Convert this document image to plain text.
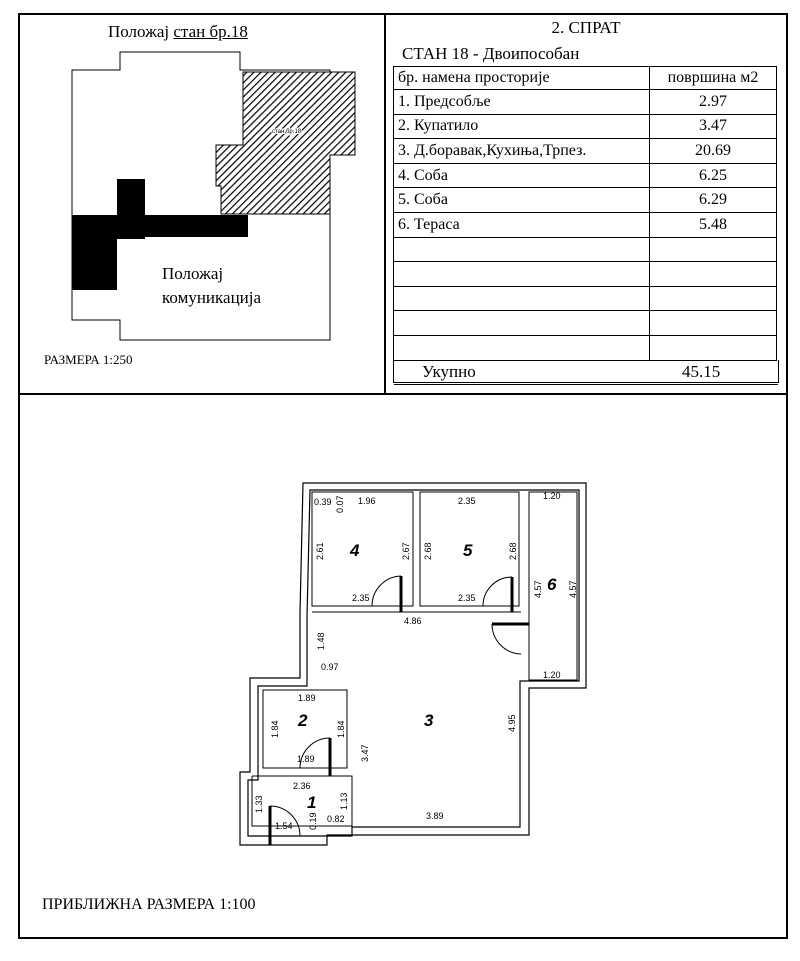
Положај стан бр.18
стан бр.18
1.96
0.39 0.07
2.61	2.67
2.35
2.35
2.68	2.68
2.35
1.20
4.57	4.57
1.20
4.86
1.48
0.97
1.89
1.84	1.84
1.89	3.47
4.95
3.89
2.36
1.33	1.13
1.54 0.19 0.82
1
2	3
4	5
6
Положај
комуникација
РАЗМЕРА 1:250
2. СПРАТ
СТАН 18 - Двоипособан
бр. намена просторије	површина м2
1. Предсобље	2.97
2. Купатило	3.47
3. Д.боравак,Кухиња,Трпез.	20.69
4. Соба	6.25
5. Соба	6.29
6. Тераса	5.48

Укупно	45.15
ПРИБЛИЖНА РАЗМЕРА 1:100
